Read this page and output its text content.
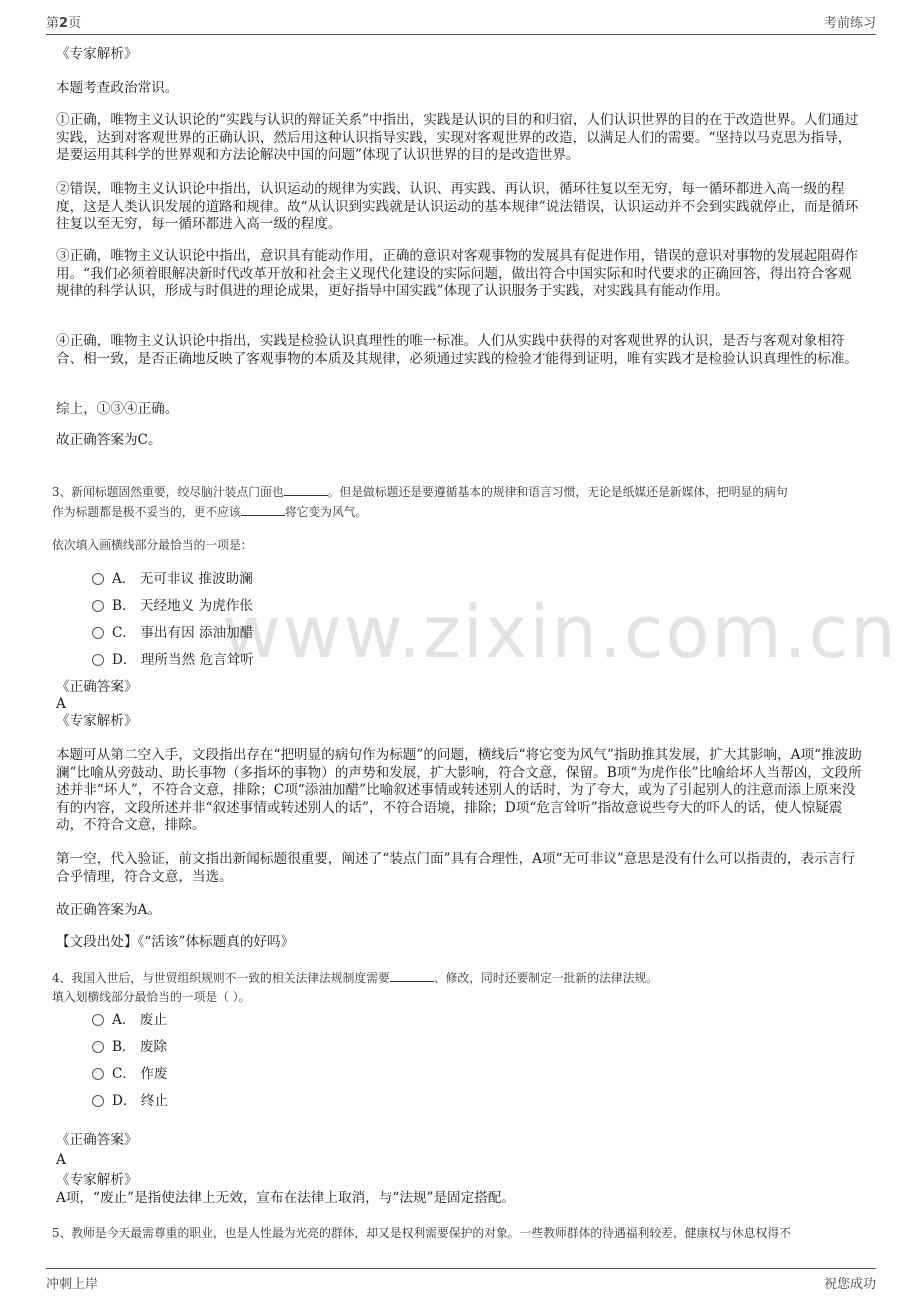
第2页	考前练习
www.zixin.com.cn
《专家解析》
本题考查政治常识。
①正确，唯物主义认识论的“实践与认识的辩证关系”中指出，实践是认识的目的和归宿，人们认识世界的目的在于改造世界。人们通过实践，达到对客观世界的正确认识，然后用这种认识指导实践，实现对客观世界的改造，以满足人们的需要。“坚持以马克思为指导，是要运用其科学的世界观和方法论解决中国的问题”体现了认识世界的目的是改造世界。
②错误，唯物主义认识论中指出，认识运动的规律为实践、认识、再实践、再认识，循环往复以至无穷，每一循环都进入高一级的程度，这是人类认识发展的道路和规律。故“从认识到实践就是认识运动的基本规律”说法错误，认识运动并不会到实践就停止，而是循环往复以至无穷，每一循环都进入高一级的程度。
③正确，唯物主义认识论中指出，意识具有能动作用，正确的意识对客观事物的发展具有促进作用，错误的意识对事物的发展起阻碍作用。“我们必须着眼解决新时代改革开放和社会主义现代化建设的实际问题，做出符合中国实际和时代要求的正确回答，得出符合客观规律的科学认识，形成与时俱进的理论成果，更好指导中国实践”体现了认识服务于实践，对实践具有能动作用。
④正确，唯物主义认识论中指出，实践是检验认识真理性的唯一标准。人们从实践中获得的对客观世界的认识，是否与客观对象相符合、相一致，是否正确地反映了客观事物的本质及其规律，必须通过实践的检验才能得到证明，唯有实践才是检验认识真理性的标准。
综上，①③④正确。
故正确答案为C。
3、新闻标题固然重要，绞尽脑汁装点门面也	。但是做标题还是要遵循基本的规律和语言习惯，无论是纸媒还是新媒体，把明显的病句
作为标题都是极不妥当的，更不应该	将它变为风气。
依次填入画横线部分最恰当的一项是：
A． 无可非议 推波助澜
B． 天经地义 为虎作伥
C． 事出有因 添油加醋
D． 理所当然 危言耸听
《正确答案》
A
《专家解析》
本题可从第二空入手，文段指出存在“把明显的病句作为标题”的问题，横线后“将它变为风气”指助推其发展，扩大其影响，A项“推波助澜”比喻从旁鼓动、助长事物（多指坏的事物）的声势和发展，扩大影响，符合文意，保留。B项“为虎作伥”比喻给坏人当帮凶，文段所述并非“坏人”，不符合文意，排除；C项“添油加醋”比喻叙述事情或转述别人的话时，为了夸大，或为了引起别人的注意而添上原来没有的内容，文段所述并非“叙述事情或转述别人的话”，不符合语境，排除；D项“危言耸听”指故意说些夸大的吓人的话，使人惊疑震动，不符合文意，排除。
第一空，代入验证，前文指出新闻标题很重要，阐述了“装点门面”具有合理性，A项“无可非议”意思是没有什么可以指责的，表示言行合乎情理，符合文意，当选。
故正确答案为A。
【文段出处】《“活该”体标题真的好吗》
4、我国入世后，与世贸组织规则不一致的相关法律法规制度需要	、修改，同时还要制定一批新的法律法规。
填入划横线部分最恰当的一项是（ ）。
A． 废止
B． 废除
C． 作废
D． 终止
《正确答案》
A
《专家解析》
A项，“废止”是指使法律上无效，宣布在法律上取消，与“法规”是固定搭配。
5、教师是今天最需尊重的职业，也是人性最为光亮的群体，却又是权利需要保护的对象。一些教师群体的待遇福利较差，健康权与休息权得不
冲刺上岸	祝您成功
